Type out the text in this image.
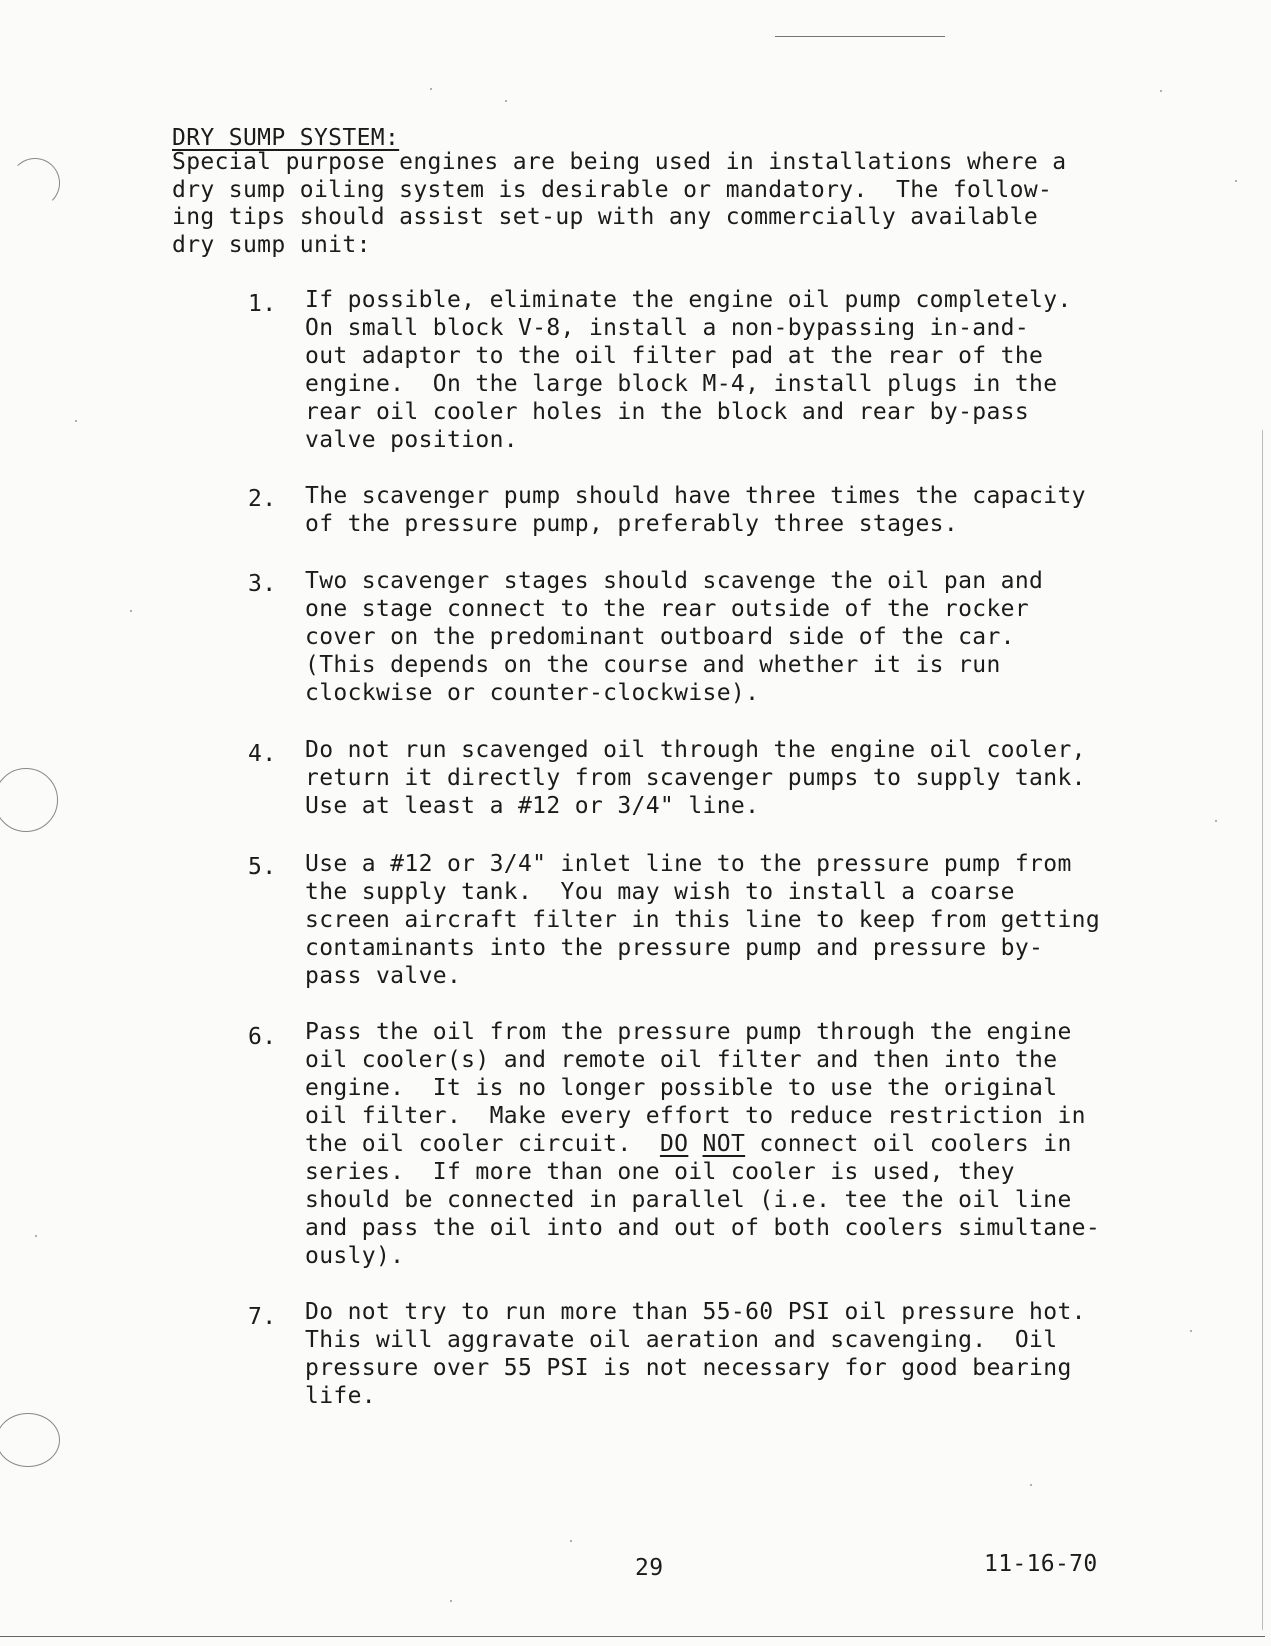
DRY SUMP SYSTEM:
Special purpose engines are being used in installations where a
dry sump oiling system is desirable or mandatory.  The follow-
ing tips should assist set-up with any commercially available
dry sump unit:
1. If possible, eliminate the engine oil pump completely.
On small block V-8, install a non-bypassing in-and-
out adaptor to the oil filter pad at the rear of the
engine.  On the large block M-4, install plugs in the
rear oil cooler holes in the block and rear by-pass
valve position.
2. The scavenger pump should have three times the capacity
of the pressure pump, preferably three stages.
3. Two scavenger stages should scavenge the oil pan and
one stage connect to the rear outside of the rocker
cover on the predominant outboard side of the car.
(This depends on the course and whether it is run
clockwise or counter-clockwise).
4. Do not run scavenged oil through the engine oil cooler,
return it directly from scavenger pumps to supply tank.
Use at least a #12 or 3/4" line.
5. Use a #12 or 3/4" inlet line to the pressure pump from
the supply tank.  You may wish to install a coarse
screen aircraft filter in this line to keep from getting
contaminants into the pressure pump and pressure by-
pass valve.
6. Pass the oil from the pressure pump through the engine
oil cooler(s) and remote oil filter and then into the
engine.  It is no longer possible to use the original
oil filter.  Make every effort to reduce restriction in
the oil cooler circuit.  DO NOT connect oil coolers in
series.  If more than one oil cooler is used, they
should be connected in parallel (i.e. tee the oil line
and pass the oil into and out of both coolers simultane-
ously).
7. Do not try to run more than 55-60 PSI oil pressure hot.
This will aggravate oil aeration and scavenging.  Oil
pressure over 55 PSI is not necessary for good bearing
life.
29	11-16-70
